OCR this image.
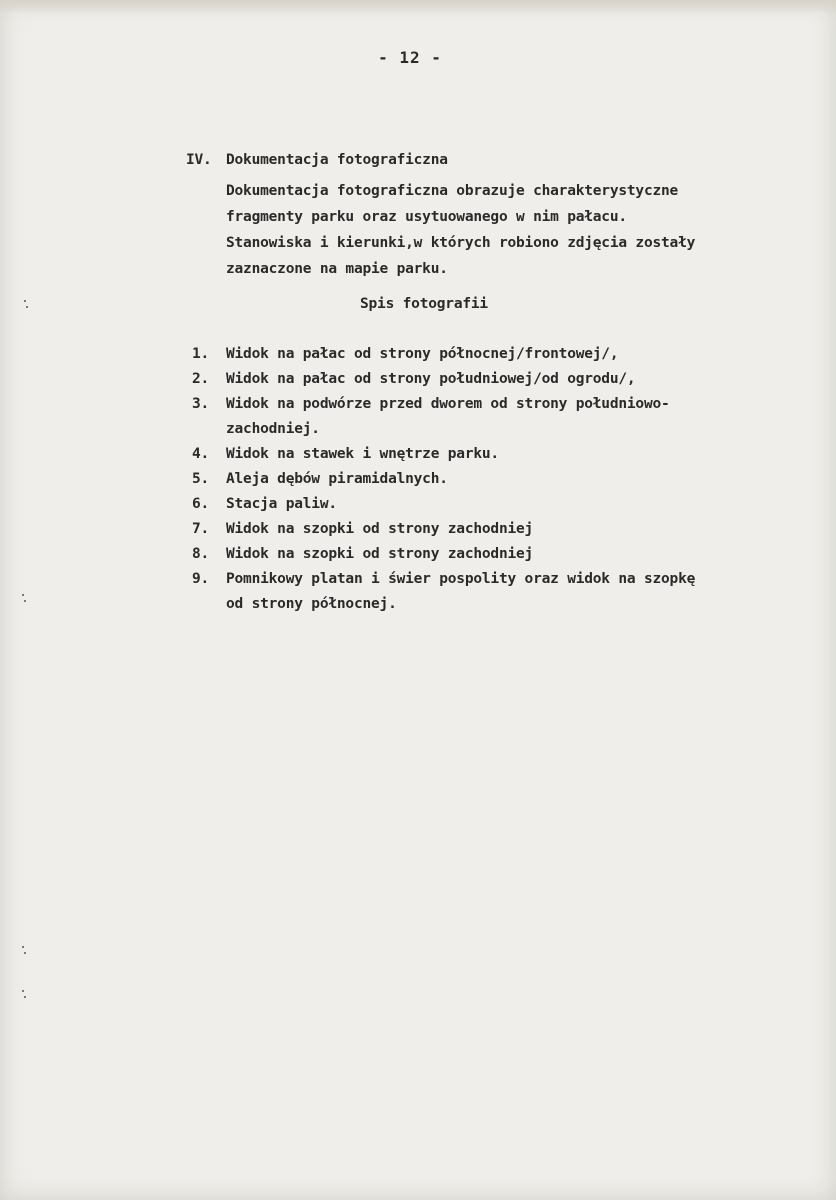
- 12 -
IV. Dokumentacja fotograficzna
Dokumentacja fotograficzna obrazuje charakterystyczne
fragmenty parku oraz usytuowanego w nim pałacu.
Stanowiska i kierunki,w których robiono zdjęcia zostały
zaznaczone na mapie parku.
Spis fotografii
1. Widok na pałac od strony północnej/frontowej/,
2. Widok na pałac od strony południowej/od ogrodu/,
3. Widok na podwórze przed dworem od strony południowo-
zachodniej.
4. Widok na stawek i wnętrze parku.
5. Aleja dębów piramidalnych.
6. Stacja paliw.
7. Widok na szopki od strony zachodniej
8. Widok na szopki od strony zachodniej
9. Pomnikowy platan i świer pospolity oraz widok na szopkę
od strony północnej.
